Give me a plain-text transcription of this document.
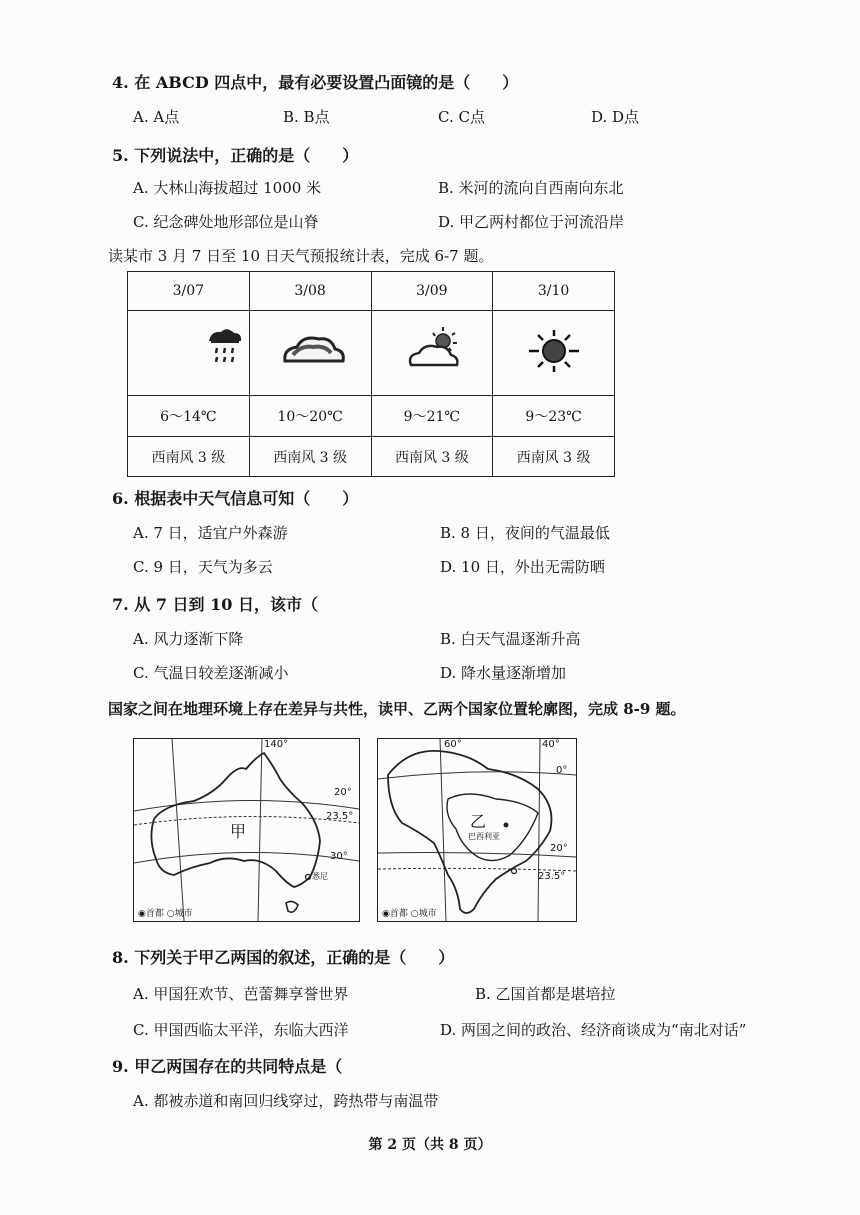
4. 在 ABCD 四点中，最有必要设置凸面镜的是（　　）
A. A点	B. B点	C. C点	D. D点
5. 下列说法中，正确的是（　　）
A. 大林山海拔超过 1000 米	B. 米河的流向自西南向东北
C. 纪念碑处地形部位是山脊	D. 甲乙两村都位于河流沿岸
读某市 3 月 7 日至 10 日天气预报统计表，完成 6-7 题。
3/07	3/08	3/09	3/10

6～14℃	10～20℃	9～21℃	9～23℃
西南风 3 级	西南风 3 级	西南风 3 级	西南风 3 级
6. 根据表中天气信息可知（　　）
A. 7 日，适宜户外森游	B. 8 日，夜间的气温最低
C. 9 日，天气为多云	D. 10 日，外出无需防晒
7. 从 7 日到 10 日，该市（
A. 风力逐渐下降	B. 白天气温逐渐升高
C. 气温日较差逐渐减小	D. 降水量逐渐增加
国家之间在地理环境上存在差异与共性，读甲、乙两个国家位置轮廓图，完成 8-9 题。
140°
20°
23.5°
30°
悉尼
甲
◉首都 ○城市
60°	40°
0°
20°
23.5°
乙
巴西利亚
◉首都 ○城市
8. 下列关于甲乙两国的叙述，正确的是（　　）
A. 甲国狂欢节、芭蕾舞享誉世界	B. 乙国首都是堪培拉
C. 甲国西临太平洋，东临大西洋	D. 两国之间的政治、经济商谈成为“南北对话”
9. 甲乙两国存在的共同特点是（
A. 都被赤道和南回归线穿过，跨热带与南温带
第 2 页（共 8 页）
